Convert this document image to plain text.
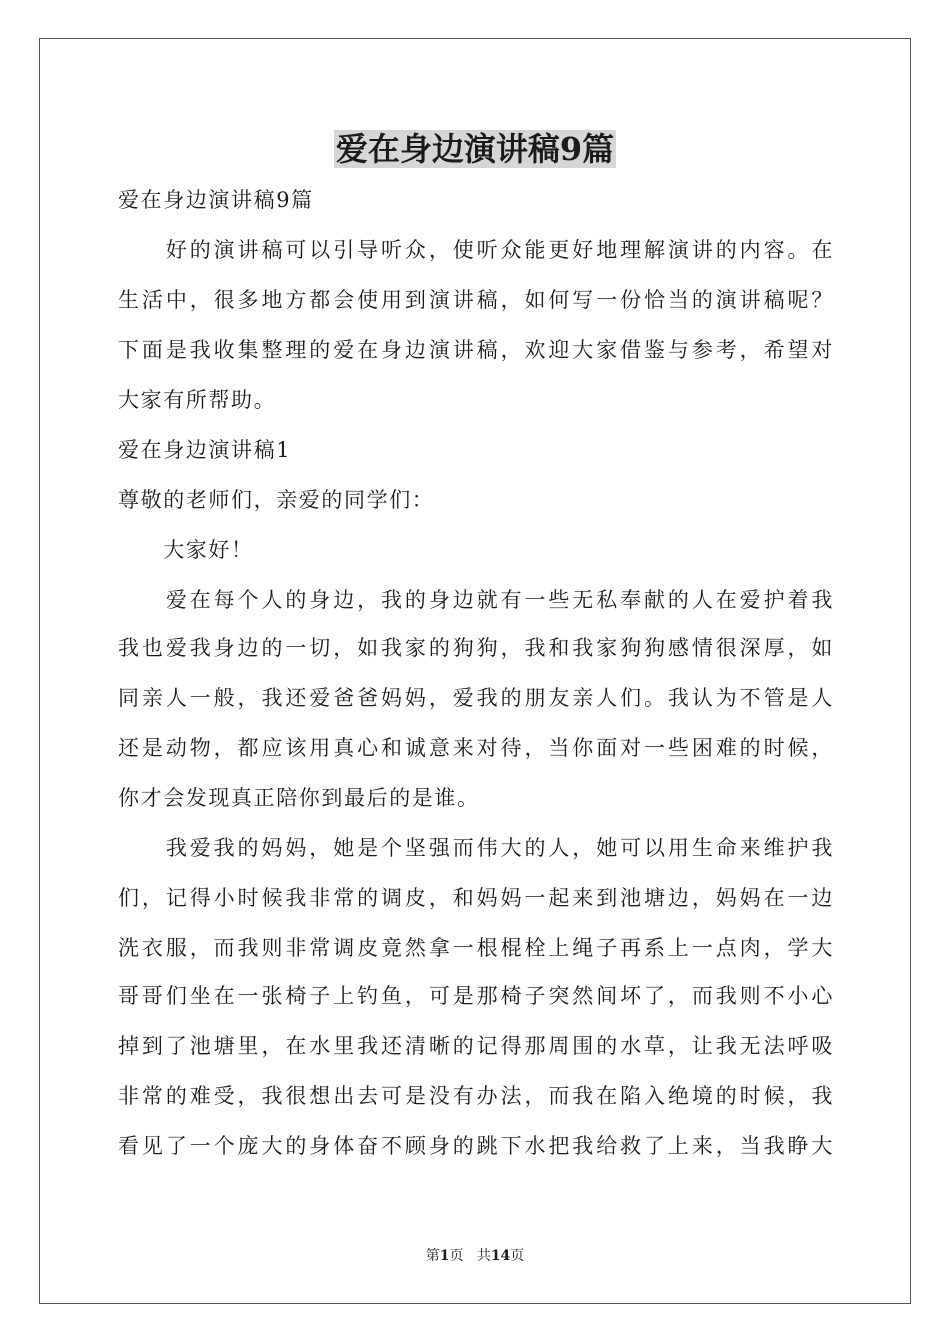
爱在身边演讲稿9篇
爱在身边演讲稿9篇
　　好的演讲稿可以引导听众，使听众能更好地理解演讲的内容。在
生活中，很多地方都会使用到演讲稿，如何写一份恰当的演讲稿呢？
下面是我收集整理的爱在身边演讲稿，欢迎大家借鉴与参考，希望对
大家有所帮助。
爱在身边演讲稿1
尊敬的老师们，亲爱的同学们：
　　大家好！
　　爱在每个人的身边，我的身边就有一些无私奉献的人在爱护着我
我也爱我身边的一切，如我家的狗狗，我和我家狗狗感情很深厚，如
同亲人一般，我还爱爸爸妈妈，爱我的朋友亲人们。我认为不管是人
还是动物，都应该用真心和诚意来对待，当你面对一些困难的时候，
你才会发现真正陪你到最后的是谁。
　　我爱我的妈妈，她是个坚强而伟大的人，她可以用生命来维护我
们，记得小时候我非常的调皮，和妈妈一起来到池塘边，妈妈在一边
洗衣服，而我则非常调皮竟然拿一根棍栓上绳子再系上一点肉，学大
哥哥们坐在一张椅子上钓鱼，可是那椅子突然间坏了，而我则不小心
掉到了池塘里，在水里我还清晰的记得那周围的水草，让我无法呼吸
非常的难受，我很想出去可是没有办法，而我在陷入绝境的时候，我
看见了一个庞大的身体奋不顾身的跳下水把我给救了上来，当我睁大
第1页 共14页
